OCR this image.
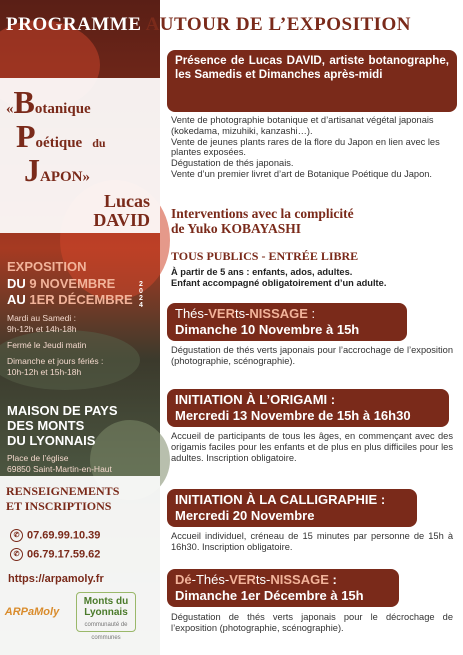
PROGRAMME AUTOUR DE L’EXPOSITION
«Botanique
Poétique du
JAPON»
Lucas
DAVID
EXPOSITION
DU 9 NOVEMBRE
AU 1ER DÉCEMBRE
2024
Mardi au Samedi :
9h-12h et 14h-18h
Fermé le Jeudi matin
Dimanche et jours fériés :
10h-12h et 15h-18h
MAISON DE PAYS
DES MONTS
DU LYONNAIS
Place de l’église
69850 Saint-Martin-en-Haut
RENSEIGNEMENTS
ET INSCRIPTIONS
✆ 07.69.99.10.39
✆ 06.79.17.59.62
https://arpamoly.fr
ARPaMoly
Monts du
Lyonnais
communauté de communes
Présence de Lucas DAVID, artiste botanographe, les Samedis et Dimanches après-midi
Vente de photographie botanique et d’artisanat végétal japonais (kokedama, mizuhiki, kanzashi…).
Vente de jeunes plants rares de la flore du Japon en lien avec les plantes exposées.
Dégustation de thés japonais.
Vente d’un premier livret d’art de Botanique Poétique du Japon.
Interventions avec la complicité
de Yuko KOBAYASHI
TOUS PUBLICS - ENTRÉE LIBRE
À partir de 5 ans : enfants, ados, adultes.
Enfant accompagné obligatoirement d’un adulte.
Thés-VERts-NISSAGE :
Dimanche 10 Novembre à 15h
Dégustation de thés verts japonais pour l’accrochage de l’exposition (photographie, scénographie).
INITIATION À L’ORIGAMI :
Mercredi 13 Novembre de 15h à 16h30
Accueil de participants de tous les âges, en commençant avec des origamis faciles pour les enfants et de plus en plus difficiles pour les adultes. Inscription obligatoire.
INITIATION À LA CALLIGRAPHIE :
Mercredi 20 Novembre
Accueil individuel, créneau de 15 minutes par personne de 15h à 16h30. Inscription obligatoire.
Dé-Thés-VERts-NISSAGE :
Dimanche 1er Décembre à 15h
Dégustation de thés verts japonais pour le décrochage de l’exposition (photographie, scénographie).
